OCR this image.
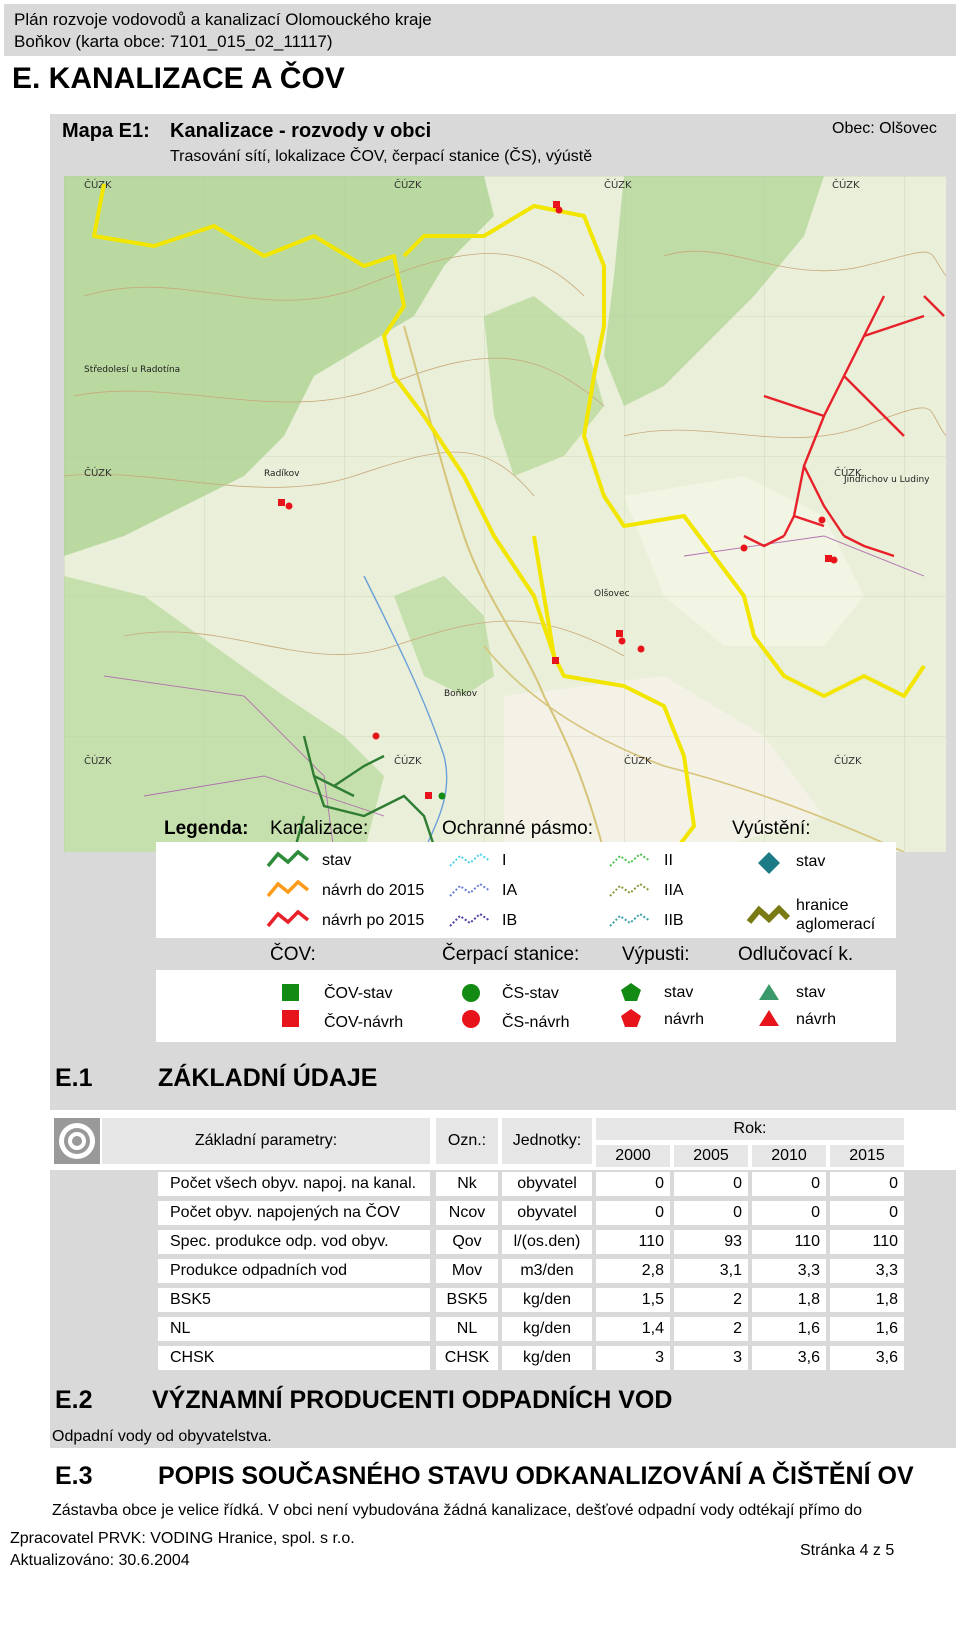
Plán rozvoje vodovodů a kanalizací Olomouckého kraje
Boňkov (karta obce: 7101_015_02_11117)
E. KANALIZACE A ČOV
Mapa E1: Kanalizace - rozvody v obci
Trasování sítí, lokalizace ČOV, čerpací stanice (ČS), výústě
Obec: Olšovec
ČÚZK	ČÚZK	ČÚZK	ČÚZK
ČÚZK	ČÚZK
ČÚZK	ČÚZK	ČÚZK	ČÚZK
Radíkov
Olšovec
Boňkov
Středolesí u Radotína
Jindřichov u Ludiny
Legenda: Kanalizace:	Ochranné pásmo:	Vyústění:
stav
návrh do 2015
návrh po 2015
I
IA
IB
II
IIA
IIB
stav
hranice aglomerací
ČOV:	Čerpací stanice: Výpusti:	Odlučovací k.
ČOV-stav
ČOV-návrh
ČS-stav
ČS-návrh
stav
návrh
stav
návrh
E.1	ZÁKLADNÍ ÚDAJE
Základní parametry:	Ozn.:	Jednotky:
Rok:
2000	2005	2010	2015
Počet všech obyv. napoj. na kanal.	Nk	obyvatel	0	0	0	0
Počet obyv. napojených na ČOV	Ncov	obyvatel	0	0	0	0
Spec. produkce odp. vod obyv.	Qov	l/(os.den)	110	93	110	110
Produkce odpadních vod	Mov	m3/den	2,8	3,1	3,3	3,3
BSK5	BSK5	kg/den	1,5	2	1,8	1,8
NL	NL	kg/den	1,4	2	1,6	1,6
CHSK	CHSK	kg/den	3	3	3,6	3,6
E.2 VÝZNAMNÍ PRODUCENTI ODPADNÍCH VOD
Odpadní vody od obyvatelstva.
E.3	POPIS SOUČASNÉHO STAVU ODKANALIZOVÁNÍ A ČIŠTĚNÍ OV
Zástavba obce je velice řídká. V obci není vybudována žádná kanalizace, dešťové odpadní vody odtékají přímo do
Zpracovatel PRVK: VODING Hranice, spol. s r.o.
Aktualizováno: 30.6.2004
Stránka 4 z 5
